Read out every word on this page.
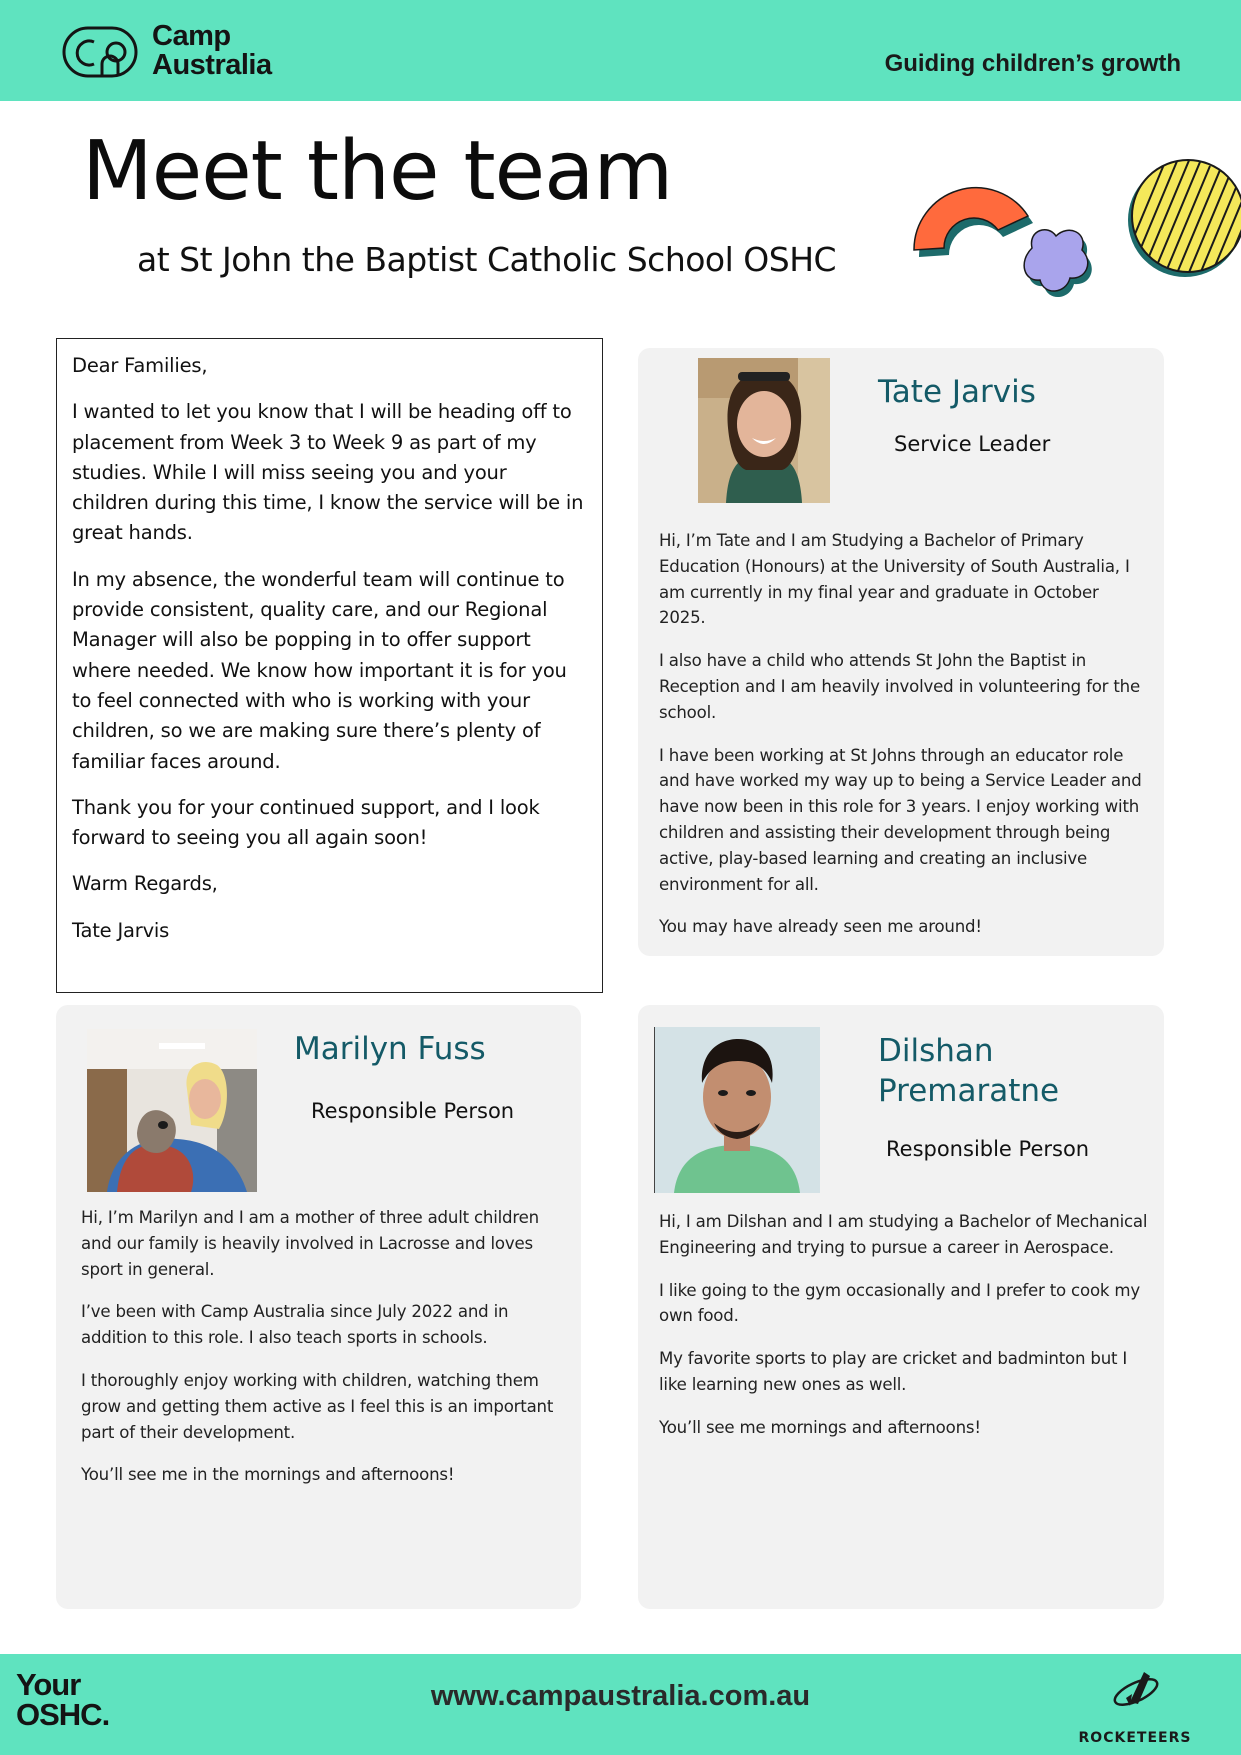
Camp
Australia	Guiding children’s growth
Meet the team
at St John the Baptist Catholic School OSHC

Dear Families,

I wanted to let you know that I will be heading off to placement from Week 3 to Week 9 as part of my studies. While I will miss seeing you and your children during this time, I know the service will be in great hands.

In my absence, the wonderful team will continue to provide consistent, quality care, and our Regional Manager will also be popping in to offer support where needed. We know how important it is for you to feel connected with who is working with your children, so we are making sure there’s plenty of familiar faces around.

Thank you for your continued support, and I look forward to seeing you all again soon!

Warm Regards,

Tate Jarvis

Tate Jarvis
Service Leader

Hi, I’m Tate and I am Studying a Bachelor of Primary Education (Honours) at the University of South Australia, I am currently in my final year and graduate in October 2025.

I also have a child who attends St John the Baptist in Reception and I am heavily involved in volunteering for the school.

I have been working at St Johns through an educator role and have worked my way up to being a Service Leader and have now been in this role for 3 years. I enjoy working with children and assisting their development through being active, play-based learning and creating an inclusive environment for all.

You may have already seen me around!

Marilyn Fuss
Responsible Person

Hi, I’m Marilyn and I am a mother of three adult children and our family is heavily involved in Lacrosse and loves sport in general.

I’ve been with Camp Australia since July 2022 and in addition to this role. I also teach sports in schools.

I thoroughly enjoy working with children, watching them grow and getting them active as I feel this is an important part of their development.

You’ll see me in the mornings and afternoons!

Dilshan
Premaratne
Responsible Person

Hi, I am Dilshan and I am studying a Bachelor of Mechanical Engineering and trying to pursue a career in Aerospace.

I like going to the gym occasionally and I prefer to cook my own food.

My favorite sports to play are cricket and badminton but I like learning new ones as well.

You’ll see me mornings and afternoons!

Your
OSHC.
www.campaustralia.com.au
ROCKETEERS
